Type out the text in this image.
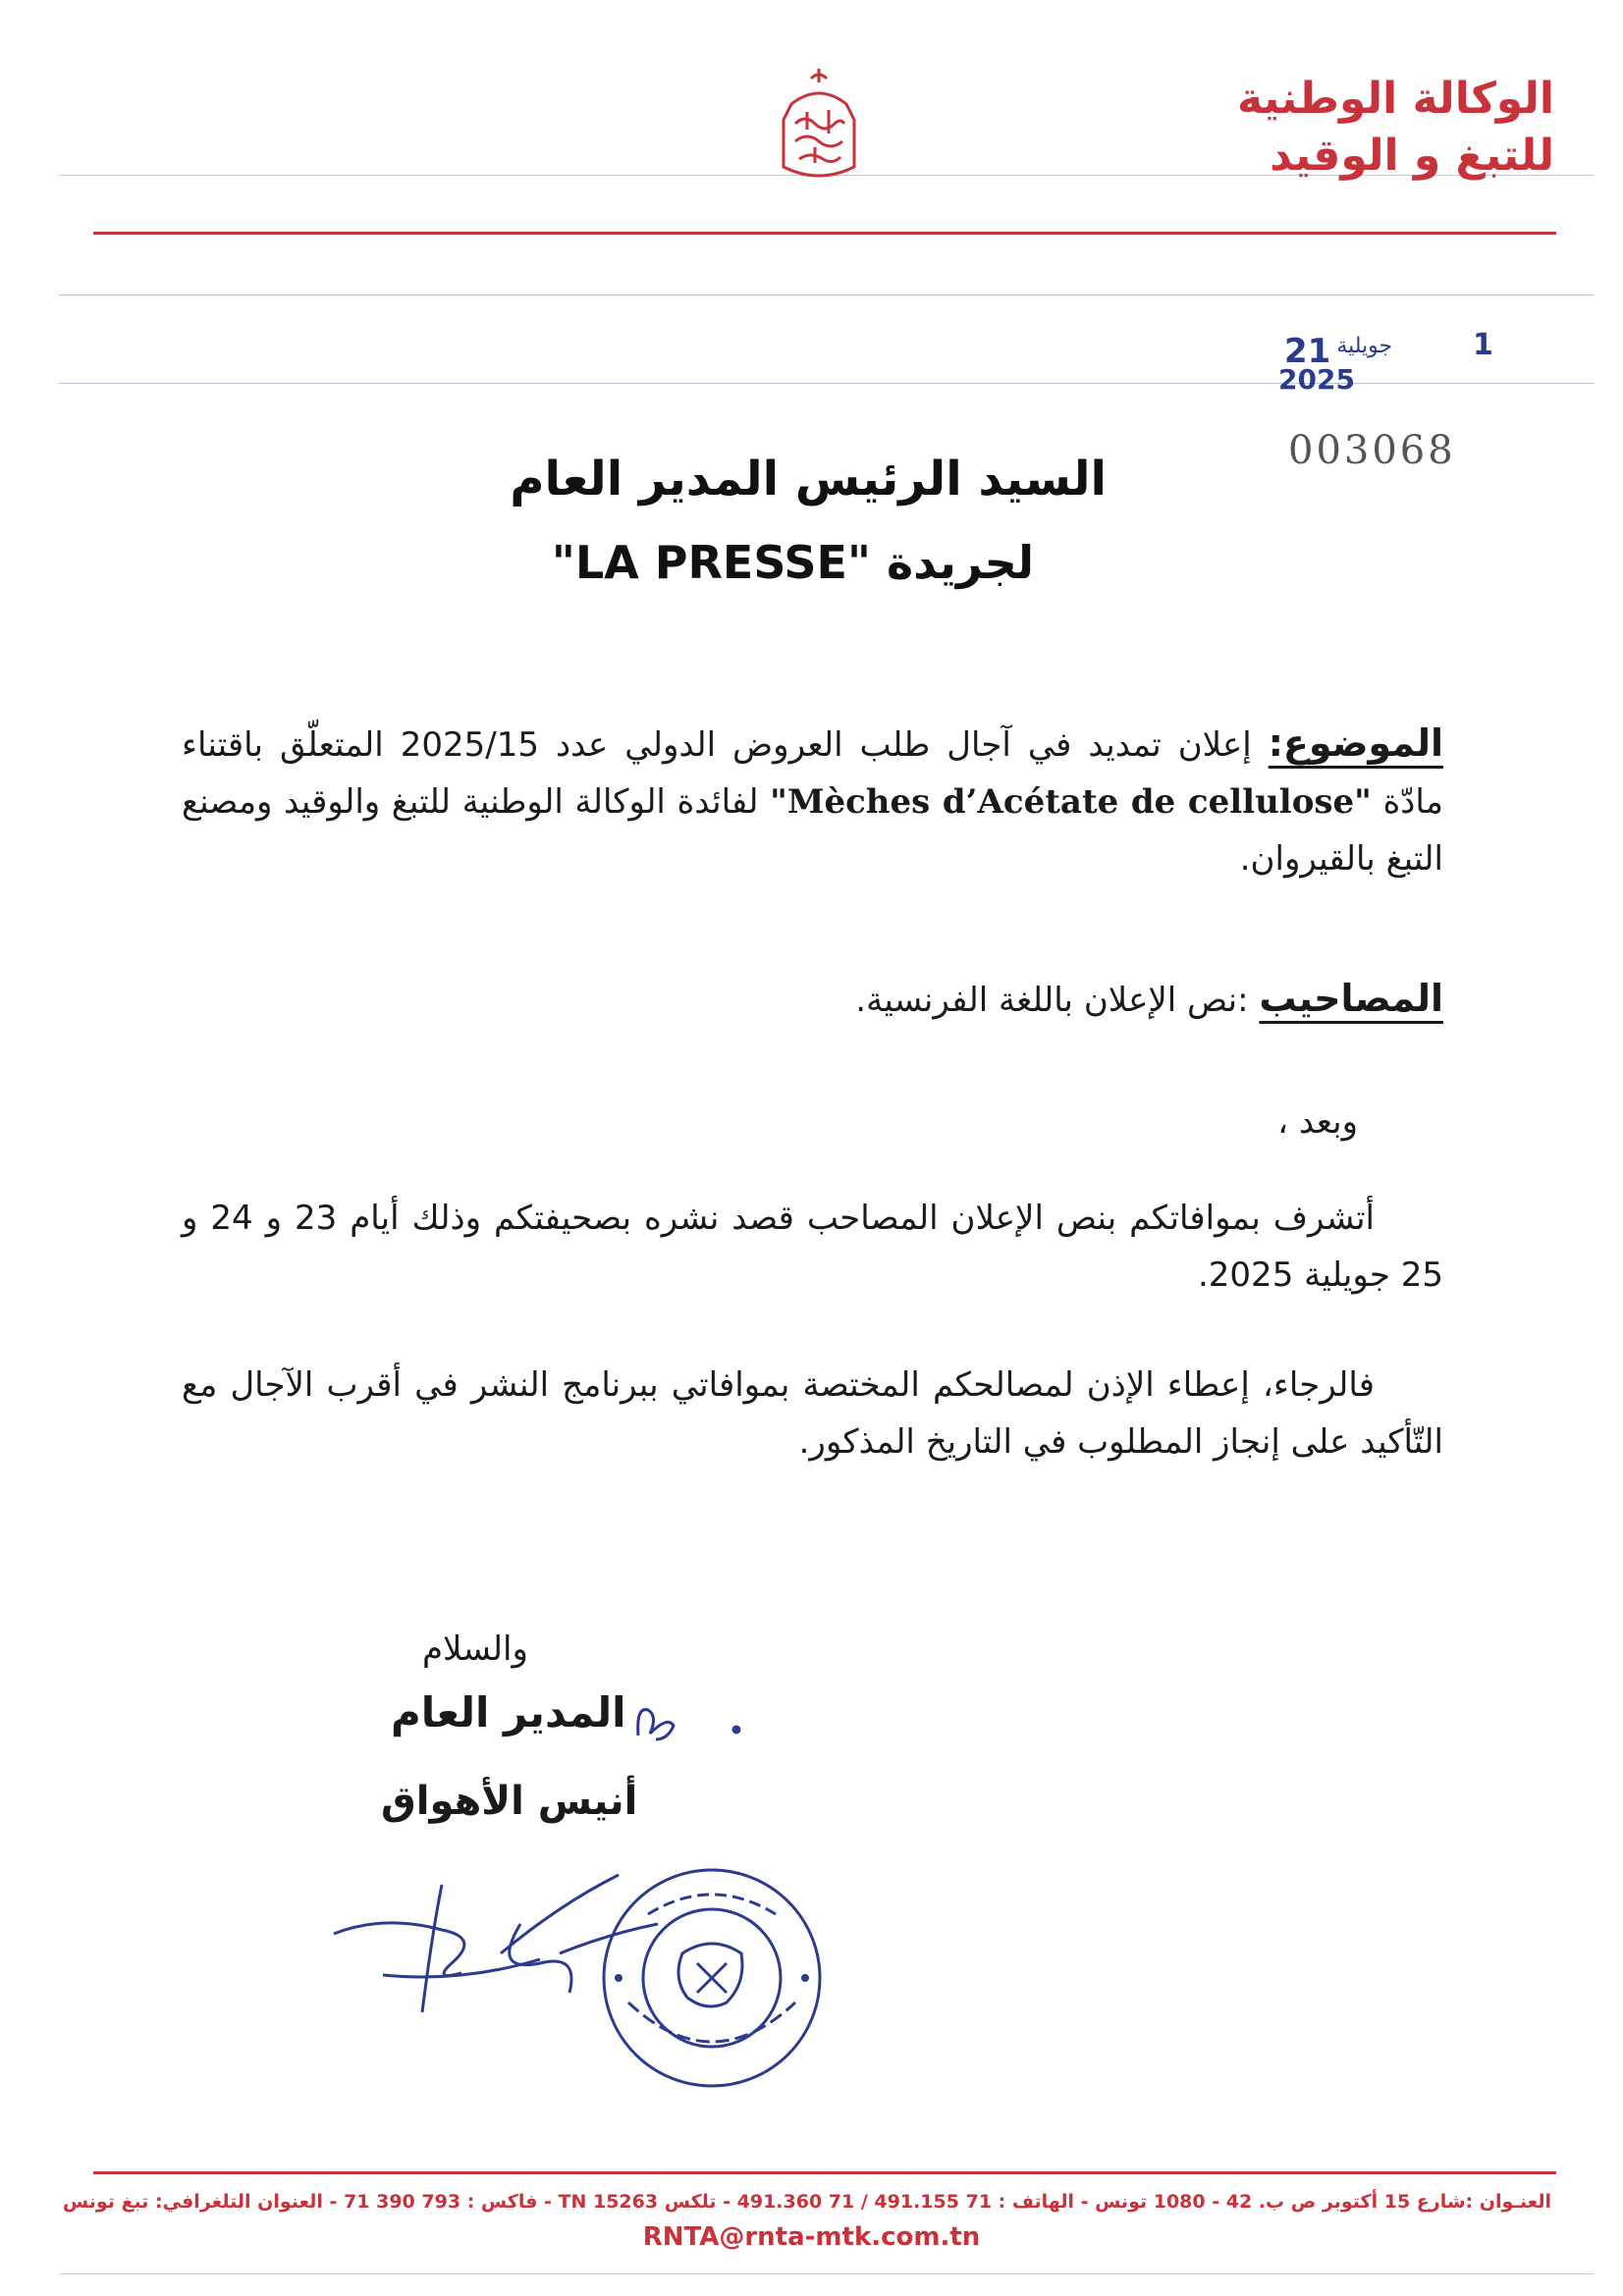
الوكالة الوطنية
للتبغ و الوقيد
21 $^{جويلية}$
2025
1
003068
السيد الرئيس المدير العام
لجريدة "LA PRESSE"
الموضوع: إعلان تمديد في آجال طلب العروض الدولي عدد 2025/15 المتعلّق باقتناء مادّة "Mèches d’Acétate de cellulose" لفائدة الوكالة الوطنية للتبغ والوقيد ومصنع التبغ بالقيروان.
المصاحيب :نص الإعلان باللغة الفرنسية.
وبعد ،
أتشرف بموافاتكم بنص الإعلان المصاحب قصد نشره بصحيفتكم وذلك أيام 23 و 24 و 25 جويلية 2025.
فالرجاء، إعطاء الإذن لمصالحكم المختصة بموافاتي ببرنامج النشر في أقرب الآجال مع التّأكيد على إنجاز المطلوب في التاريخ المذكور.
والسلام
المدير العام
أنيس الأهواق
العنـوان :شارع 15 أكتوبر ص ب. 42 - 1080 تونس - الهاتف : 71 491.155 / 71 491.360 - تلكس TN 15263 - فاكس : 793 390 71 - العنوان التلغرافي: تبغ تونس
RNTA@rnta-mtk.com.tn
